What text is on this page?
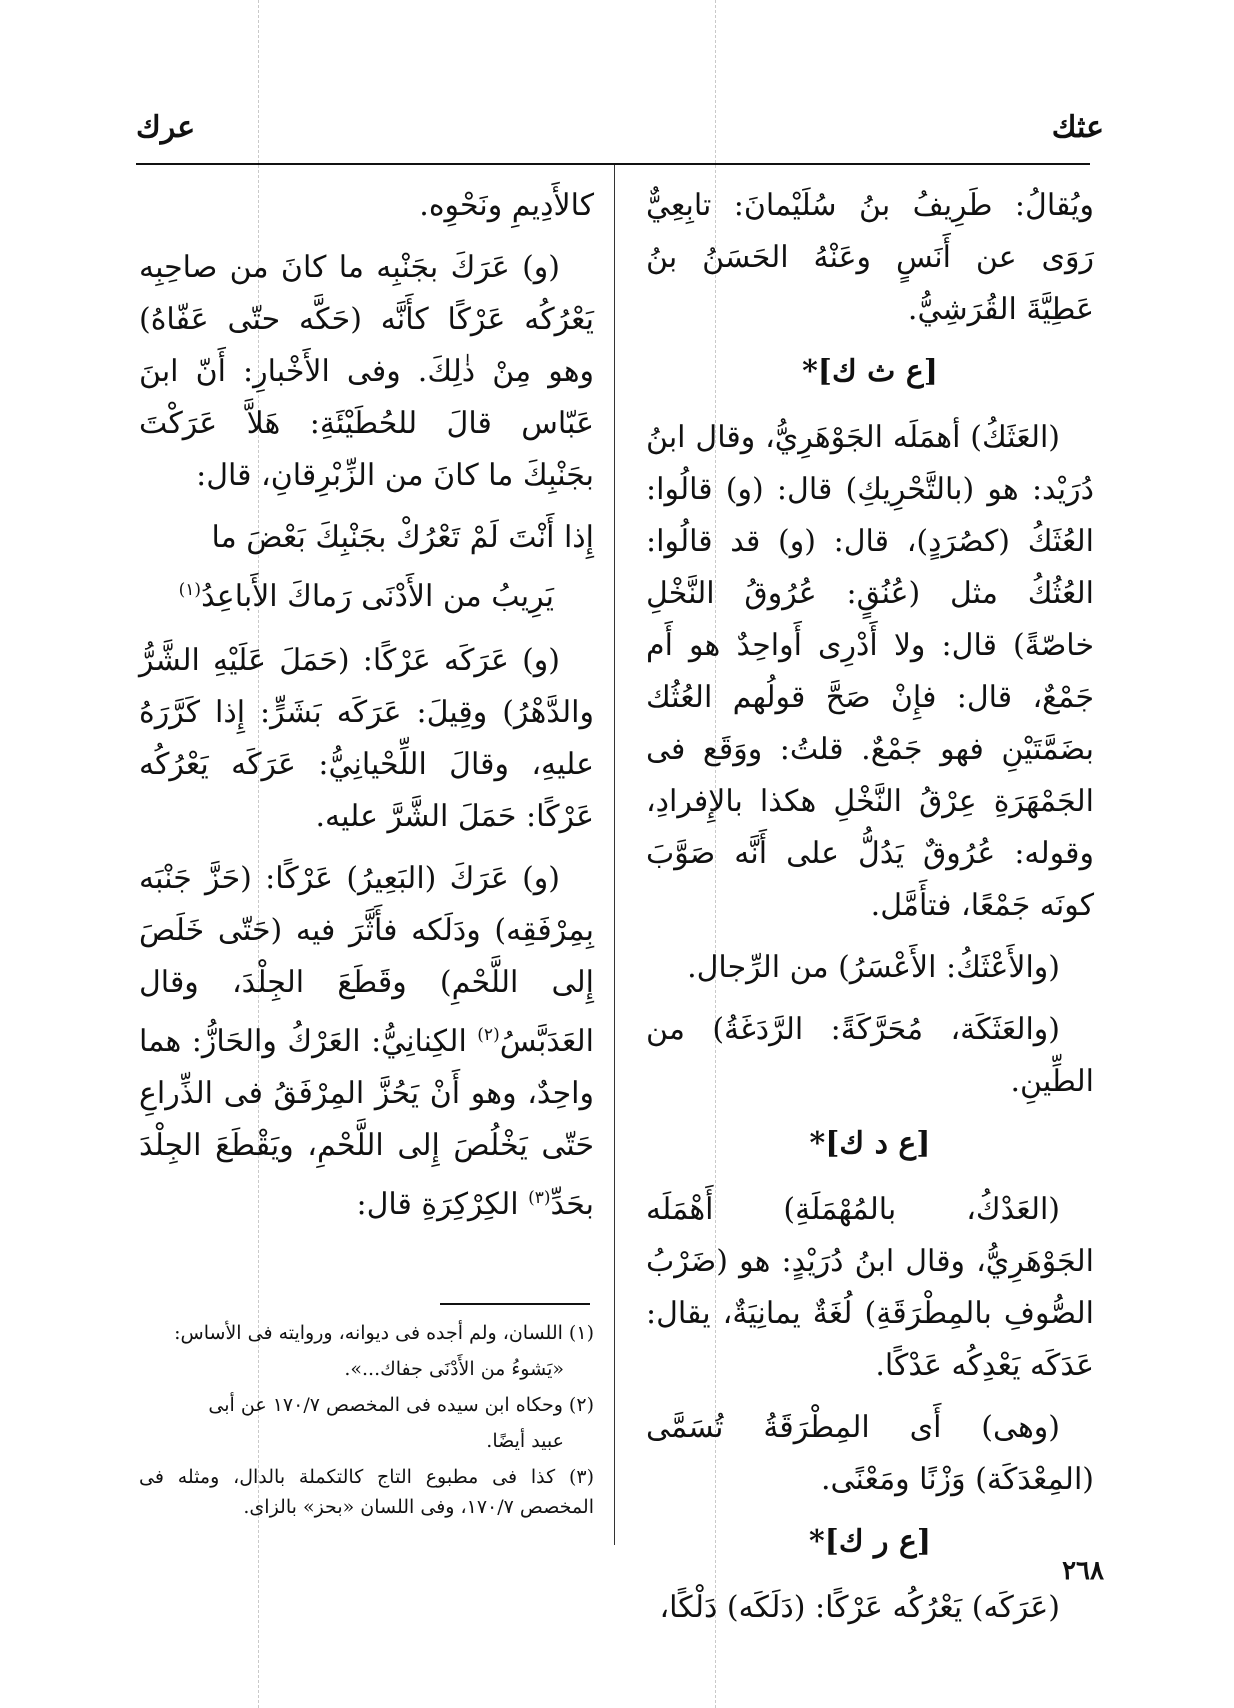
عثك
عرك

ويُقالُ: طَرِيفُ بنُ سُلَيْمانَ: تابِعِيٌّ رَوَى عن أَنَسٍ وعَنْهُ الحَسَنُ بنُ عَطِيَّةَ القُرَشِيُّ.

[ع ث ك]*

(العَثَكُ) أهمَلَه الجَوْهَرِيُّ، وقال ابنُ دُرَيْد: هو (بالتَّحْرِيكِ) قال: (و) قالُوا: العُثَكُ (كصُرَدٍ)، قال: (و) قد قالُوا: العُثُكُ مثل (عُنُقٍ: عُرُوقُ النَّخْلِ خاصّةً) قال: ولا أَدْرِى أَواحِدٌ هو أَم جَمْعٌ، قال: فإِنْ صَحَّ قولُهم العُثُك بضَمَّتَيْنِ فهو جَمْعٌ. قلتُ: ووَقَع فى الجَمْهَرَةِ عِرْقُ النَّخْلِ هكذا بالإِفرادِ، وقوله: عُرُوقٌ يَدُلُّ على أَنَّه صَوَّبَ كونَه جَمْعًا، فتأَمَّل.

(والأَعْثَكُ: الأَعْسَرُ) من الرِّجال.

(والعَثَكَة، مُحَرَّكَةً: الرَّدَغَةُ) من الطِّينِ.

[ع د ك]*

(العَدْكُ، بالمُهْمَلَةِ) أَهْمَلَه الجَوْهَرِيُّ، وقال ابنُ دُرَيْدٍ: هو (ضَرْبُ الصُّوفِ بالمِطْرَقَةِ) لُغَةٌ يمانِيَةٌ، يقال: عَدَكَه يَعْدِكُه عَدْكًا.

(وهى) أَى المِطْرَقَةُ تُسَمَّى (المِعْدَكَة) وَزْنًا ومَعْنًى.

[ع ر ك]*

(عَرَكَه) يَعْرُكُه عَرْكًا: (دَلَكَه) دَلْكًا،

كالأَدِيمِ ونَحْوِه.

(و) عَرَكَ بجَنْبِه ما كانَ من صاحِبِه يَعْرُكُه عَرْكًا كأَنَّه (حَكَّه حتّى عَفّاهُ) وهو مِنْ ذٰلِكَ. وفى الأَخْبارِ: أَنّ ابنَ عَبّاس قالَ للحُطَيْئَةِ: هَلاَّ عَرَكْتَ بجَنْبِكَ ما كانَ من الزِّبْرِقانِ، قال:

إِذا أَنْتَ لَمْ تَعْرُكْ بجَنْبِكَ بَعْضَ ما
يَرِيبُ من الأَدْنَى رَماكَ الأَباعِدُ$^{(١)}$

(و) عَرَكَه عَرْكًا: (حَمَلَ عَلَيْهِ الشَّرُّ والدَّهْرُ) وقِيلَ: عَرَكَه بَشَرٍّ: إِذا كَرَّرَهُ عليهِ، وقالَ اللِّحْيانِيُّ: عَرَكَه يَعْرُكُه عَرْكًا: حَمَلَ الشَّرَّ عليه.

(و) عَرَكَ (البَعِيرُ) عَرْكًا: (حَزَّ جَنْبَه بِمِرْفَقِه) ودَلَكه فأَثَّرَ فيه (حَتّى خَلَصَ إِلى اللَّحْمِ) وقَطَعَ الجِلْدَ، وقال العَدَبَّسُ$^{(٢)}$ الكِنانِيُّ: العَرْكُ والحَازُّ: هما واحِدٌ، وهو أَنْ يَحُزَّ المِرْفَقُ فى الذِّراعِ حَتّى يَخْلُصَ إِلى اللَّحْمِ، ويَقْطَعَ الجِلْدَ بحَدِّ$^{(٣)}$ الكِرْكِرَةِ قال:

(١) اللسان، ولم أجده فى ديوانه، وروايته فى الأساس:

«يَشوءُ من الأَدْنَى جفاك...».

(٢) وحكاه ابن سيده فى المخصص ١٧٠/٧ عن أبى

عبيد أيضًا.

(٣) كذا فى مطبوع التاج كالتكملة بالدال، ومثله فى المخصص ١٧٠/٧، وفى اللسان «بحز» بالزاى.

٢٦٨
